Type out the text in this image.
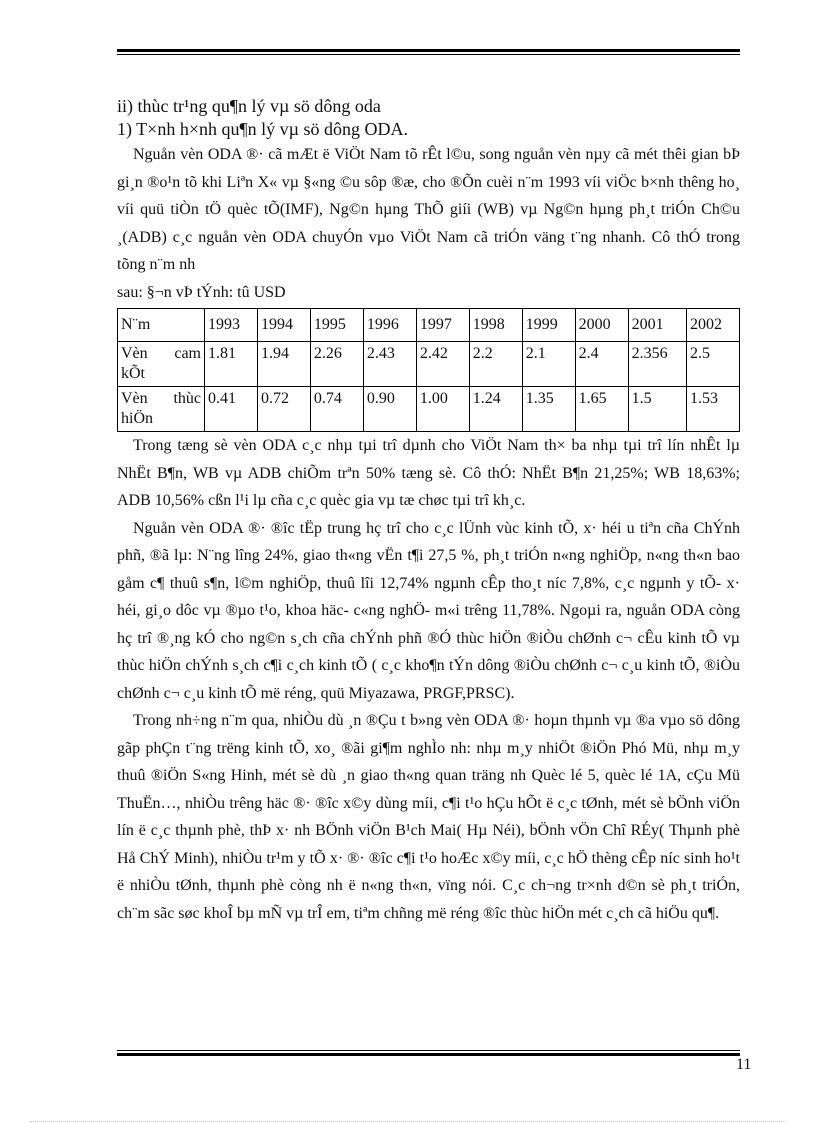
ii) thùc tr¹ng qu¶n lý vµ sö dông oda

1) T×nh h×nh qu¶n lý vµ sö dông ODA.

Nguån vèn ODA ®· cã mÆt ë ViÖt Nam tõ rÊt l©u, song nguån vèn nµy cã mét thêi gian bÞ gi¸n ®o¹n tõ khi Liªn X« vµ §«ng ©u sôp ®æ, cho ®Õn cuèi n¨m 1993 víi viÖc b×nh thêng ho¸ víi quü tiÒn tÖ quèc tÕ(IMF), Ng©n hµng ThÕ giíi (WB) vµ Ng©n hµng ph¸t triÓn Ch©u ¸(ADB) c¸c nguån vèn ODA chuyÓn vµo ViÖt Nam cã triÓn väng t¨ng nhanh. Cô thÓ trong tõng n¨m nh

sau: §¬n vÞ tÝnh: tû USD

N¨m	1993	1994	1995	1996	1997	1998	1999	2000	2001	2002
Vèn cam kÕt	1.81	1.94	2.26	2.43	2.42	2.2	2.1	2.4	2.356	2.5
Vèn thùc hiÖn	0.41	0.72	0.74	0.90	1.00	1.24	1.35	1.65	1.5	1.53

Trong tæng sè vèn ODA c¸c nhµ tµi trî dµnh cho ViÖt Nam th× ba nhµ tµi trî lín nhÊt lµ NhËt B¶n, WB vµ ADB chiÕm trªn 50% tæng sè. Cô thÓ: NhËt B¶n 21,25%; WB 18,63%; ADB 10,56% cßn l¹i lµ cña c¸c quèc gia vµ tæ chøc tµi trî kh¸c.

Nguån vèn ODA ®· ®îc tËp trung hç trî cho c¸c lÜnh vùc kinh tÕ, x· héi u tiªn cña ChÝnh phñ, ®ã lµ: N¨ng lîng 24%, giao th«ng vËn t¶i 27,5 %, ph¸t triÓn n«ng nghiÖp, n«ng th«n bao gåm c¶ thuû s¶n, l©m nghiÖp, thuû lîi 12,74% ngµnh cÊp tho¸t níc 7,8%, c¸c ngµnh y tÕ- x· héi, gi¸o dôc vµ ®µo t¹o, khoa häc- c«ng nghÖ- m«i trêng 11,78%. Ngoµi ra, nguån ODA còng hç trî ®¸ng kÓ cho ng©n s¸ch cña chÝnh phñ ®Ó thùc hiÖn ®iÒu chØnh c¬ cÊu kinh tÕ vµ thùc hiÖn chÝnh s¸ch c¶i c¸ch kinh tÕ ( c¸c kho¶n tÝn dông ®iÒu chØnh c¬ c¸u kinh tÕ, ®iÒu chØnh c¬ c¸u kinh tÕ më réng, quü Miyazawa, PRGF,PRSC).

Trong nh÷ng n¨m qua, nhiÒu dù ¸n ®Çu t b»ng vèn ODA ®· hoµn thµnh vµ ®a vµo sö dông gãp phÇn t¨ng trëng kinh tÕ, xo¸ ®ãi gi¶m nghÌo nh: nhµ m¸y nhiÖt ®iÖn Phó Mü, nhµ m¸y thuû ®iÖn S«ng Hinh, mét sè dù ¸n giao th«ng quan träng nh Quèc lé 5, quèc lé 1A, cÇu Mü ThuËn…, nhiÒu trêng häc ®· ®îc x©y dùng míi, c¶i t¹o hÇu hÕt ë c¸c tØnh, mét sè bÖnh viÖn lín ë c¸c thµnh phè, thÞ x· nh BÖnh viÖn B¹ch Mai( Hµ Néi), bÖnh vÖn Chî RÉy( Thµnh phè Hå ChÝ Minh), nhiÒu tr¹m y tÕ x· ®· ®îc c¶i t¹o hoÆc x©y míi, c¸c hÖ thèng cÊp níc sinh ho¹t ë nhiÒu tØnh, thµnh phè còng nh ë n«ng th«n, vïng nói. C¸c ch¬ng tr×nh d©n sè ph¸t triÓn, ch¨m sãc søc khoÎ bµ mÑ vµ trÎ em, tiªm chñng më réng ®îc thùc hiÖn mét c¸ch cã hiÖu qu¶.

11
